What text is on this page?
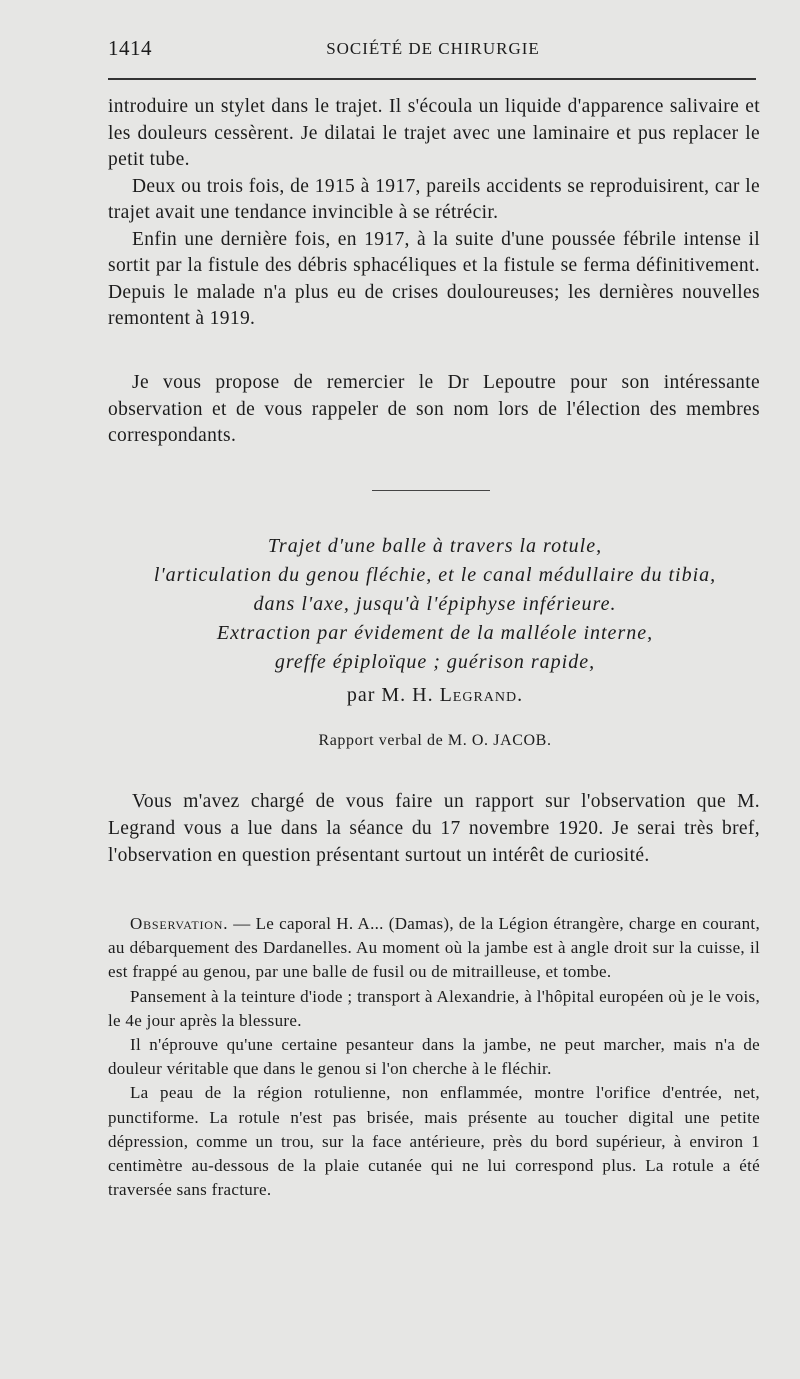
1414	SOCIÉTÉ DE CHIRURGIE

introduire un stylet dans le trajet. Il s'écoula un liquide d'apparence salivaire et les douleurs cessèrent. Je dilatai le trajet avec une laminaire et pus replacer le petit tube.

Deux ou trois fois, de 1915 à 1917, pareils accidents se reproduisirent, car le trajet avait une tendance invincible à se rétrécir.

Enfin une dernière fois, en 1917, à la suite d'une poussée fébrile intense il sortit par la fistule des débris sphacéliques et la fistule se ferma définitivement. Depuis le malade n'a plus eu de crises douloureuses; les dernières nouvelles remontent à 1919.

Je vous propose de remercier le Dr Lepoutre pour son intéressante observation et de vous rappeler de son nom lors de l'élection des membres correspondants.

Trajet d'une balle à travers la rotule,
l'articulation du genou fléchie, et le canal médullaire du tibia,
dans l'axe, jusqu'à l'épiphyse inférieure.
Extraction par évidement de la malléole interne,
greffe épiploïque ; guérison rapide,
par M. H. Legrand.
Rapport verbal de M. O. JACOB.

Vous m'avez chargé de vous faire un rapport sur l'observation que M. Legrand vous a lue dans la séance du 17 novembre 1920. Je serai très bref, l'observation en question présentant surtout un intérêt de curiosité.

Observation. — Le caporal H. A... (Damas), de la Légion étrangère, charge en courant, au débarquement des Dardanelles. Au moment où la jambe est à angle droit sur la cuisse, il est frappé au genou, par une balle de fusil ou de mitrailleuse, et tombe.

Pansement à la teinture d'iode ; transport à Alexandrie, à l'hôpital européen où je le vois, le 4e jour après la blessure.

Il n'éprouve qu'une certaine pesanteur dans la jambe, ne peut marcher, mais n'a de douleur véritable que dans le genou si l'on cherche à le fléchir.

La peau de la région rotulienne, non enflammée, montre l'orifice d'entrée, net, punctiforme. La rotule n'est pas brisée, mais présente au toucher digital une petite dépression, comme un trou, sur la face antérieure, près du bord supérieur, à environ 1 centimètre au-dessous de la plaie cutanée qui ne lui correspond plus. La rotule a été traversée sans fracture.
